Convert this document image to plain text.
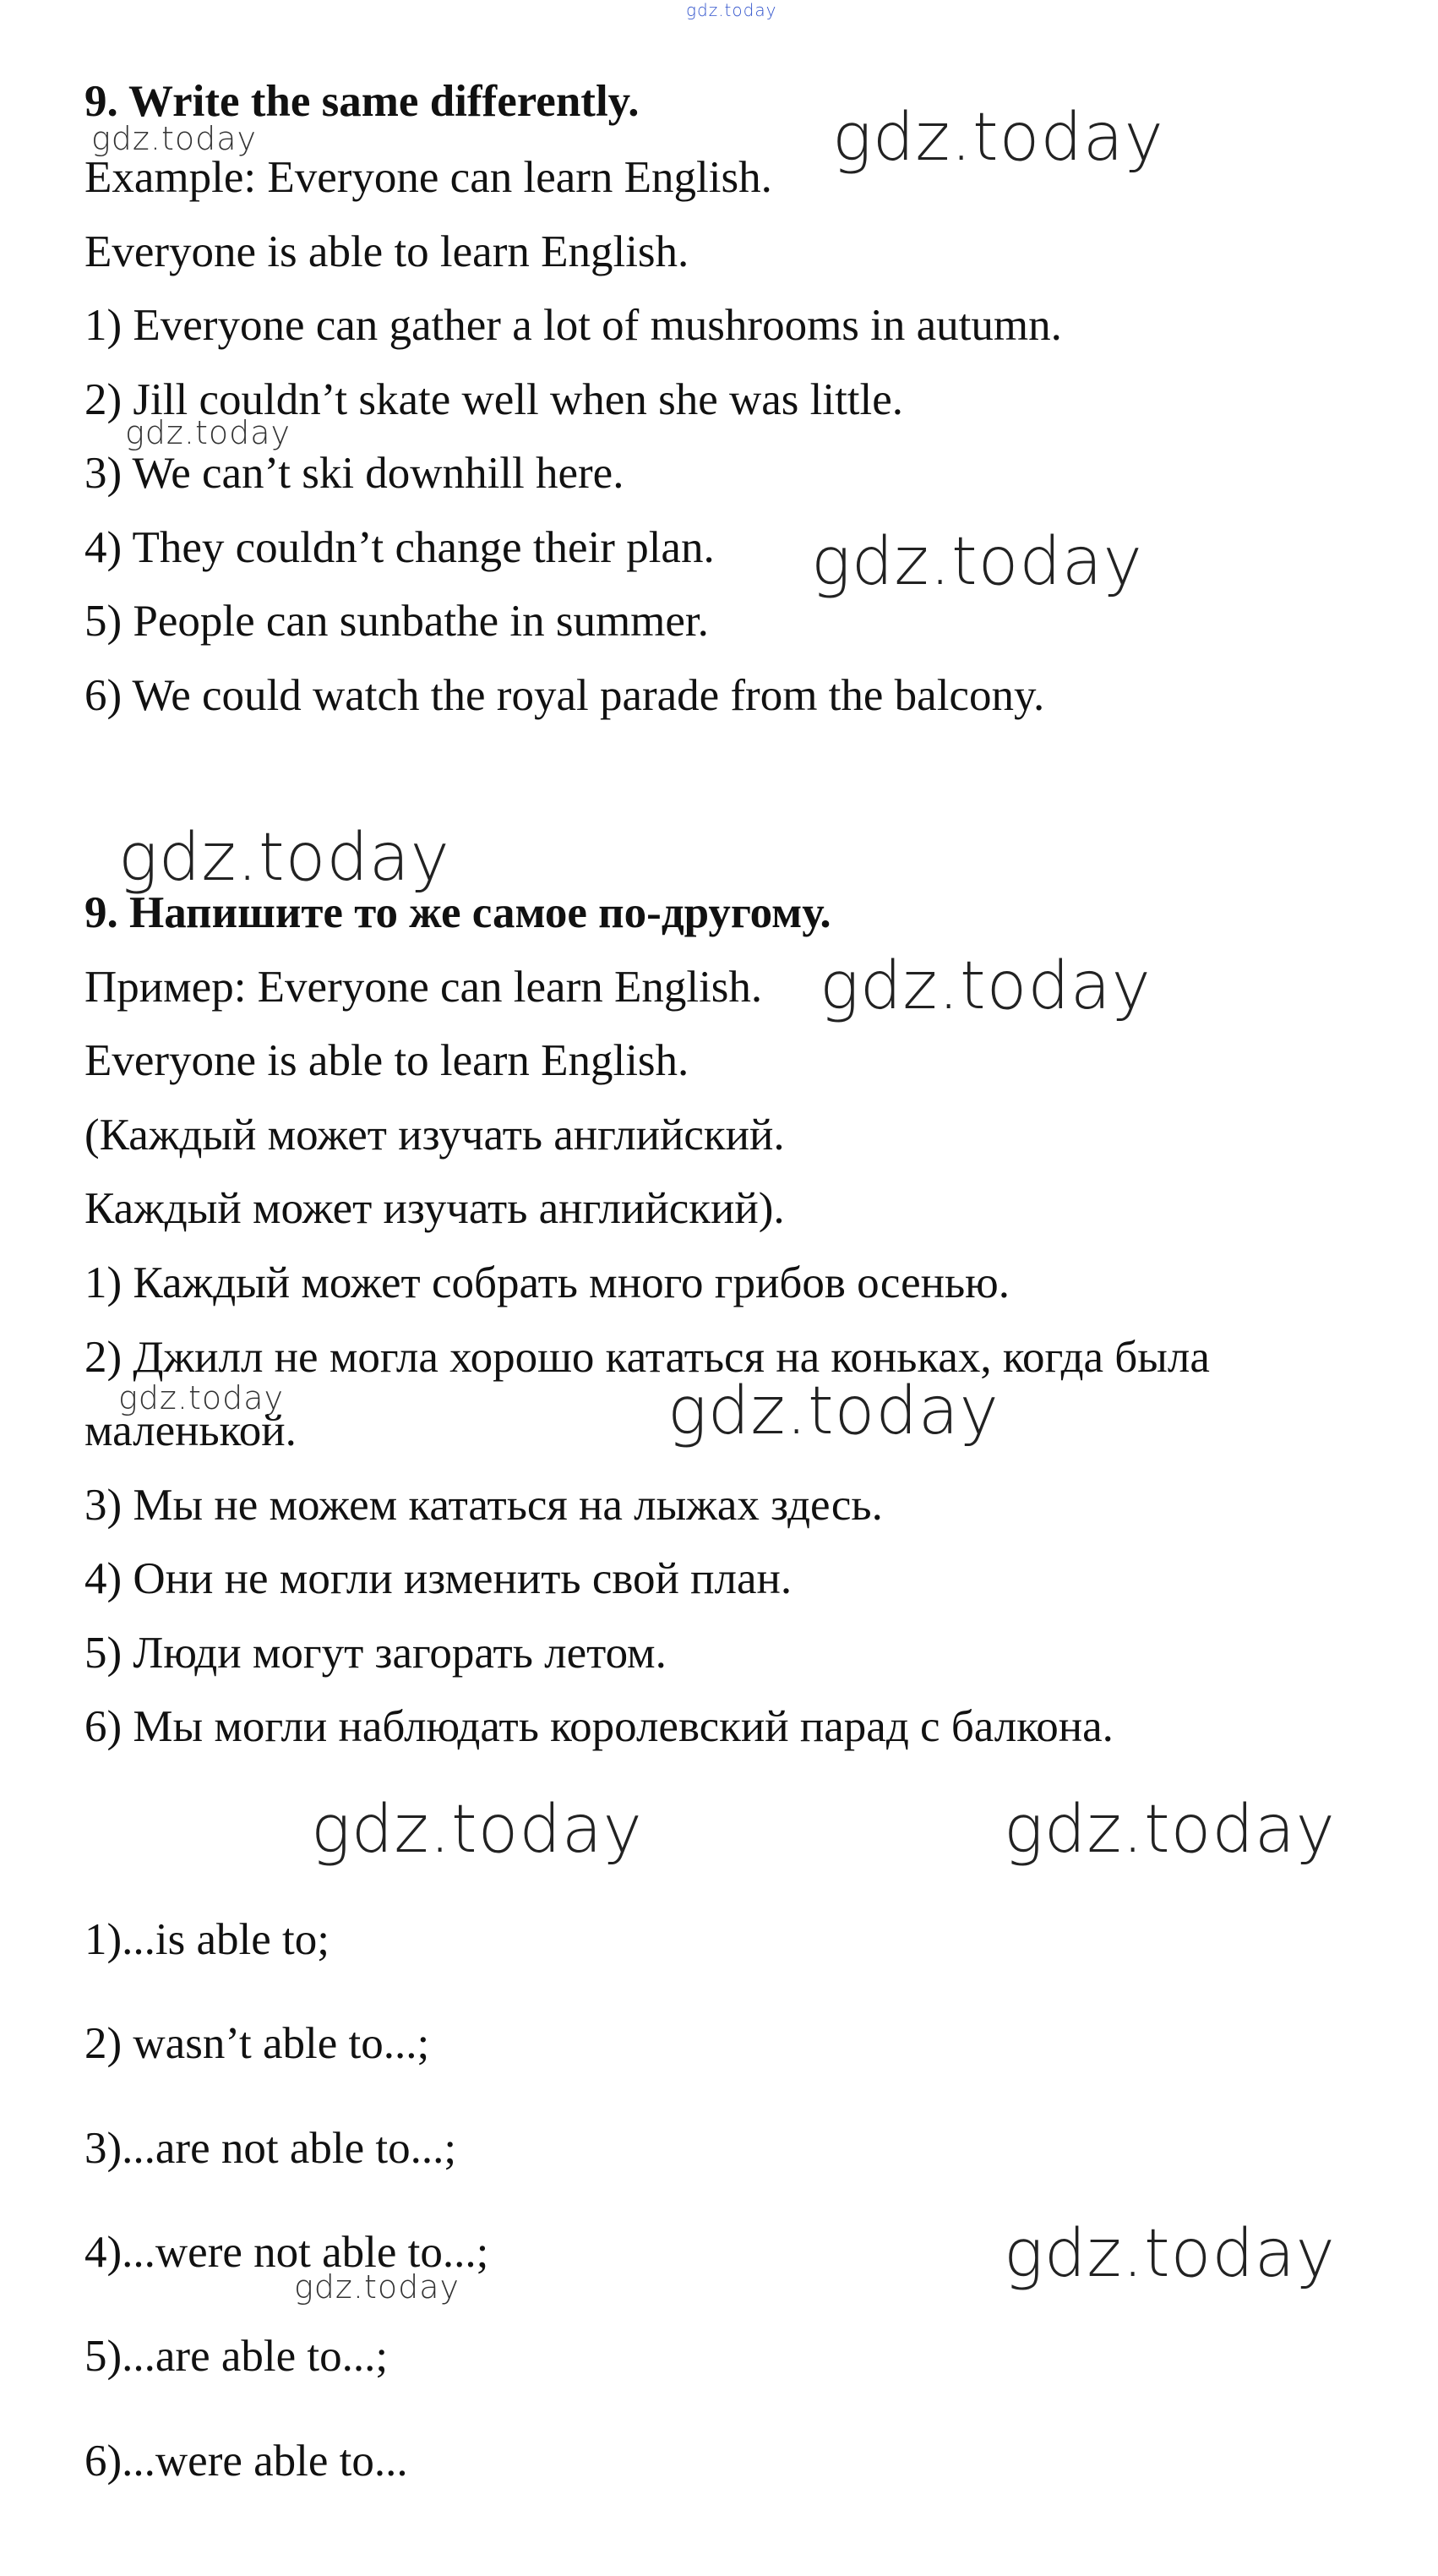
gdz.today
9. Write the same differently.
gdz.today	gdz.today
Example: Everyone can learn English.
Everyone is able to learn English.
1) Everyone can gather a lot of mushrooms in autumn.
2) Jill couldn’t skate well when she was little.
gdz.today
3) We can’t ski downhill here.
4) They couldn’t change their plan. gdz.today
5) People can sunbathe in summer.
6) We could watch the royal parade from the balcony.
gdz.today
9. Напишите то же самое по-другому.
Пример: Everyone can learn English. gdz.today
Everyone is able to learn English.
(Каждый может изучать английский.
Каждый может изучать английский).
1) Каждый может собрать много грибов осенью.
2) Джилл не могла хорошо кататься на коньках, когда была
gdz.today
маленькой.	gdz.today
3) Мы не можем кататься на лыжах здесь.
4) Они не могли изменить свой план.
5) Люди могут загорать летом.
6) Мы могли наблюдать королевский парад с балкона.
gdz.today	gdz.today
1)...is able to;
2) wasn’t able to...;
3)...are not able to...;
4)...were not able to...;	gdz.today
gdz.today
5)...are able to...;
6)...were able to...
